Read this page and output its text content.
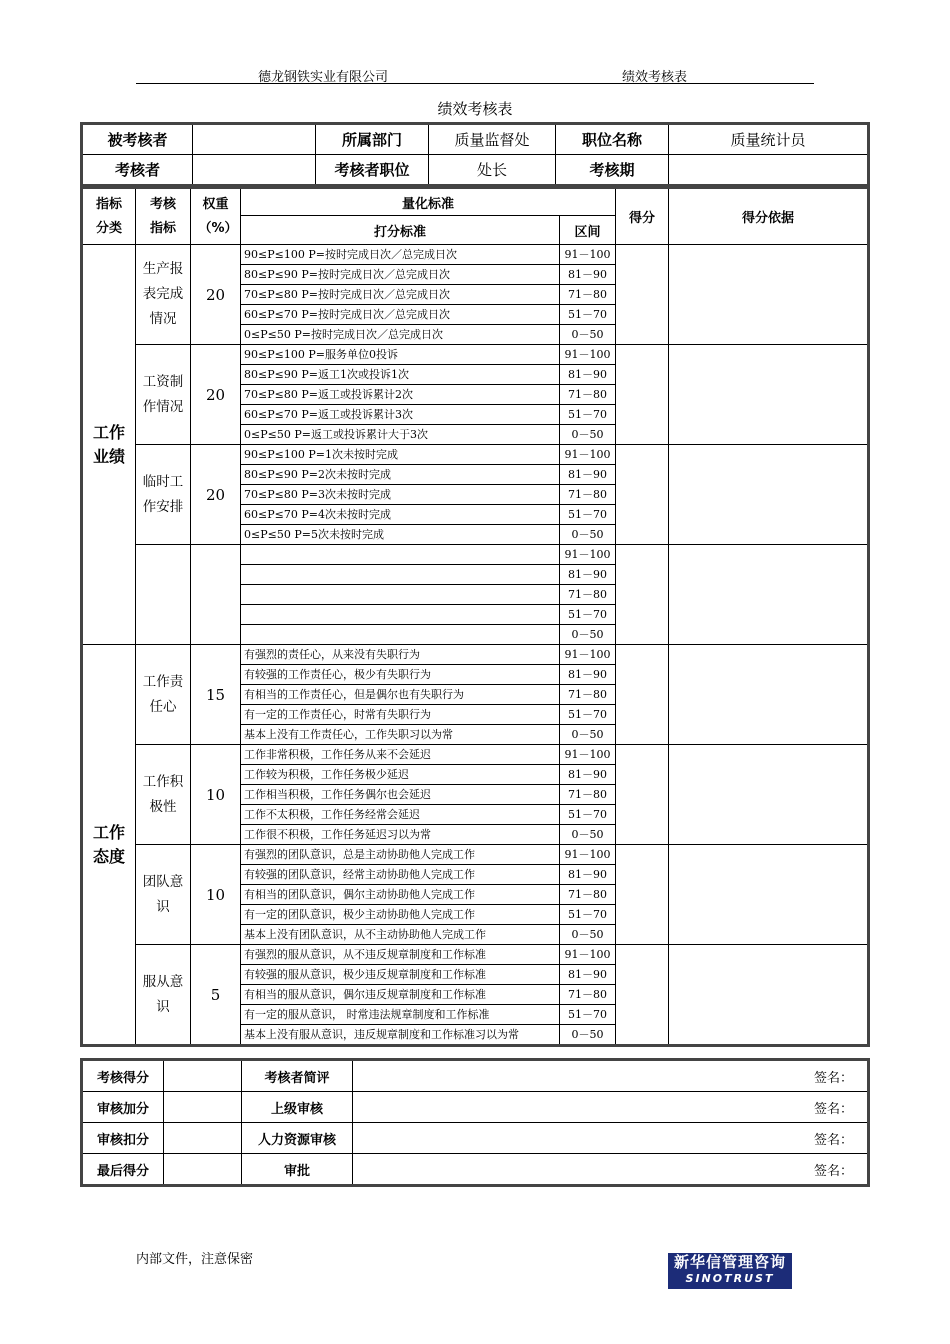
德龙钢铁实业有限公司	绩效考核表
绩效考核表
被考核者		所属部门	质量监督处	职位名称	质量统计员
考核者		考核者职位	处长	考核期	
指标分类	考核指标	权重（%）	量化标准		得分	得分依据
			打分标准	区间		

工作业绩	生产报表完成情况	20	90≤P≤100 P=按时完成日次／总完成日次	91－100		
			80≤P≤90 P=按时完成日次／总完成日次	81－90		
			70≤P≤80 P=按时完成日次／总完成日次	71－80		
			60≤P≤70 P=按时完成日次／总完成日次	51－70		
			0≤P≤50 P=按时完成日次／总完成日次	0－50		

	工资制作情况	20	90≤P≤100 P=服务单位0投诉	91－100		
			80≤P≤90 P=返工1次或投诉1次	81－90		
			70≤P≤80 P=返工或投诉累计2次	71－80		
			60≤P≤70 P=返工或投诉累计3次	51－70		
			0≤P≤50 P=返工或投诉累计大于3次	0－50		

	临时工作安排	20	90≤P≤100 P=1次未按时完成	91－100		
			80≤P≤90 P=2次未按时完成	81－90		
			70≤P≤80 P=3次未按时完成	71－80		
			60≤P≤70 P=4次未按时完成	51－70		
			0≤P≤50 P=5次未按时完成	0－50		

				91－100		
				81－90		
				71－80		
				51－70		
				0－50		

工作态度	工作责任心	15	有强烈的责任心，从来没有失职行为	91－100		
			有较强的工作责任心，极少有失职行为	81－90		
			有相当的工作责任心，但是偶尔也有失职行为	71－80		
			有一定的工作责任心，时常有失职行为	51－70		
			基本上没有工作责任心，工作失职习以为常	0－50		

	工作积极性	10	工作非常积极，工作任务从来不会延迟	91－100		
			工作较为积极，工作任务极少延迟	81－90		
			工作相当积极，工作任务偶尔也会延迟	71－80		
			工作不太积极，工作任务经常会延迟	51－70		
			工作很不积极，工作任务延迟习以为常	0－50		

	团队意识	10	有强烈的团队意识，总是主动协助他人完成工作	91－100		
			有较强的团队意识，经常主动协助他人完成工作	81－90		
			有相当的团队意识，偶尔主动协助他人完成工作	71－80		
			有一定的团队意识，极少主动协助他人完成工作	51－70		
			基本上没有团队意识，从不主动协助他人完成工作	0－50		

	服从意识	5	有强烈的服从意识，从不违反规章制度和工作标准	91－100		
			有较强的服从意识，极少违反规章制度和工作标准	81－90		
			有相当的服从意识，偶尔违反规章制度和工作标准	71－80		
			有一定的服从意识， 时常违法规章制度和工作标准	51－70		
			基本上没有服从意识，违反规章制度和工作标准习以为常	0－50		
考核得分		考核者简评	签名：
审核加分		上级审核	签名：
审核扣分		人力资源审核	签名：
最后得分		审批	签名：
内部文件，注意保密	新华信管理咨询
SINOTRUST
